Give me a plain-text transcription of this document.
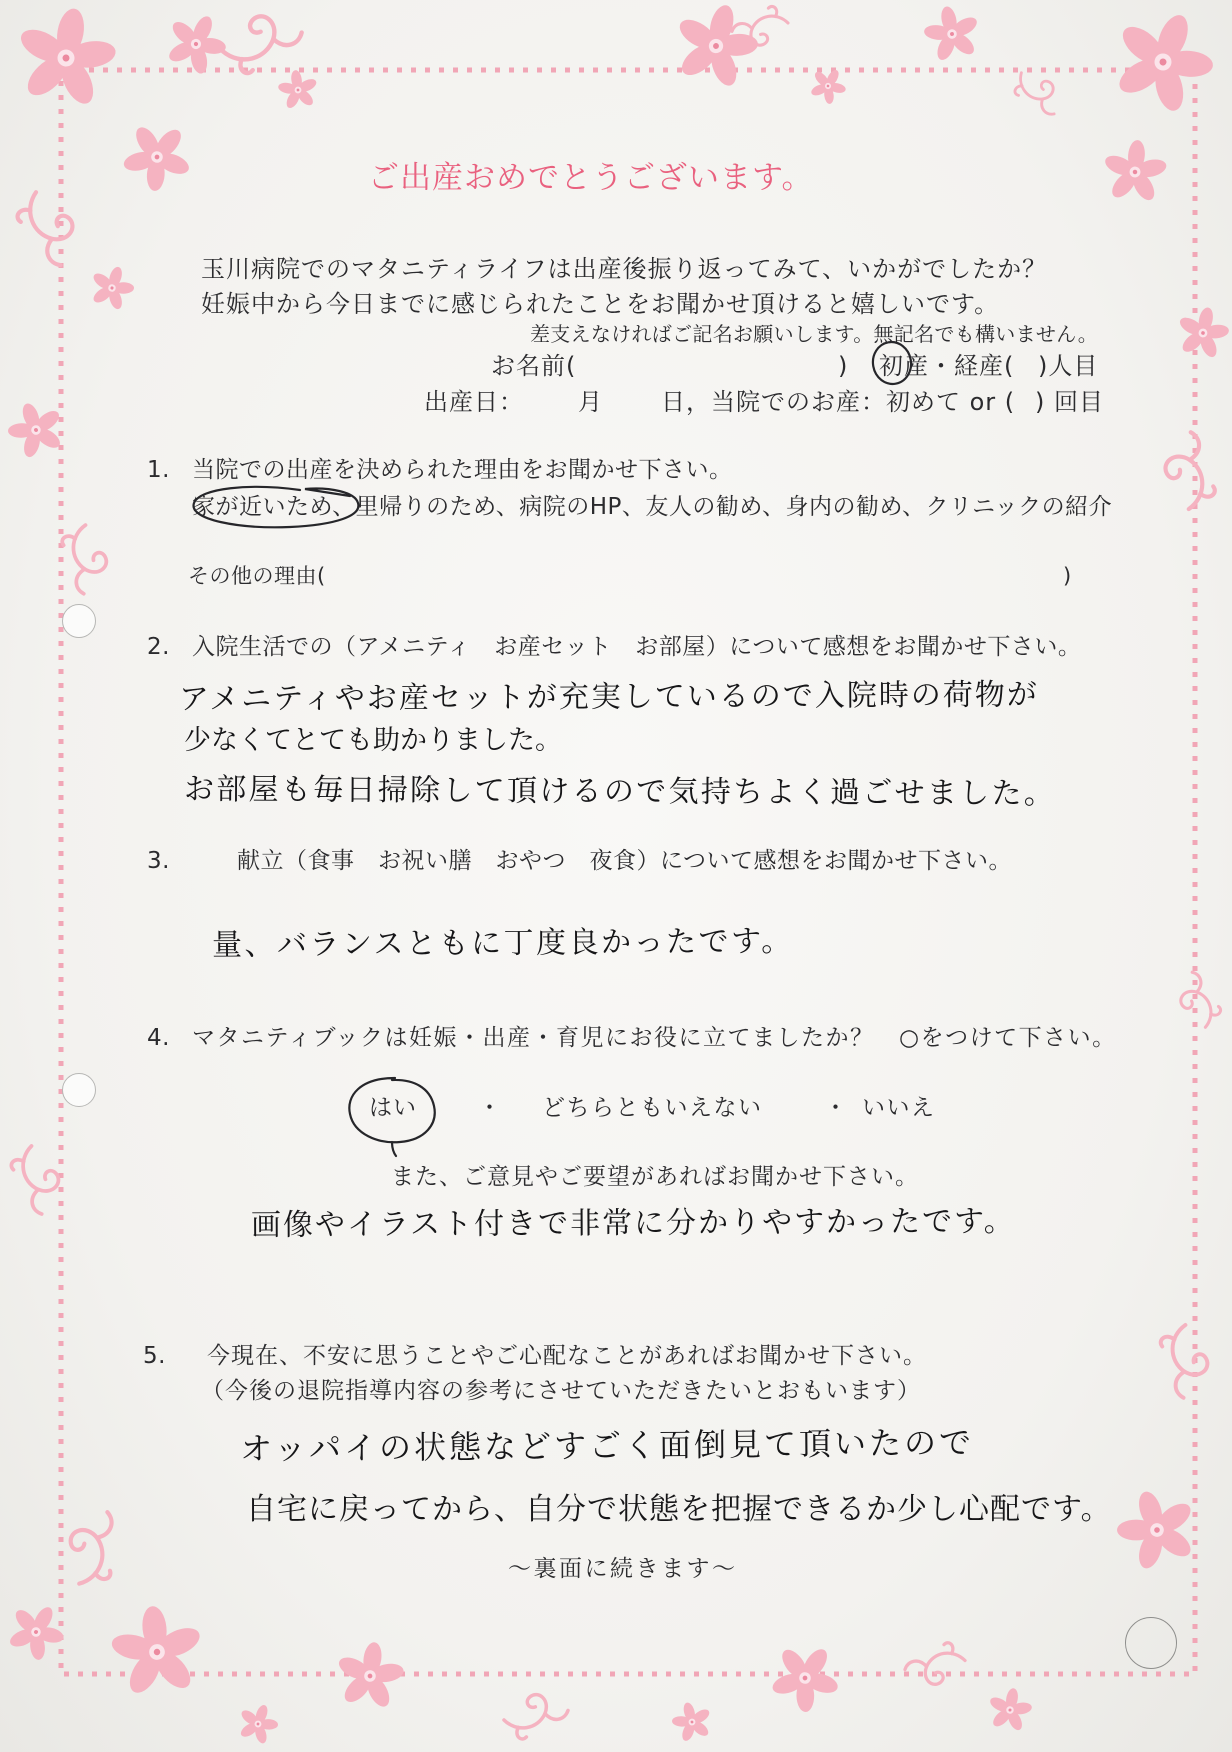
ご出産おめでとうございます。

玉川病院でのマタニティライフは出産後振り返ってみて、いかがでしたか？

妊娠中から今日までに感じられたことをお聞かせ頂けると嬉しいです。

差支えなければご記名お願いします。無記名でも構いません。

お名前(	) 初産・経産( )人目
出産日： 月 日，当院でのお産：初めて or ( ) 回目
1. 当院での出産を決められた理由をお聞かせ下さい。
家が近いため、里帰りのため、病院のHP、友人の勧め、身内の勧め、クリニックの紹介
その他の理由(	)
2. 入院生活での（アメニティ　お産セット　お部屋）について感想をお聞かせ下さい。

アメニティやお産セットが充実しているので入院時の荷物が

少なくてとても助かりました。

お部屋も毎日掃除して頂けるので気持ちよく過ごせました。

3.	献立（食事　お祝い膳　おやつ　夜食）について感想をお聞かせ下さい。

量、バランスともに丁度良かったです。

4. マタニティブックは妊娠・出産・育児にお役に立てましたか？　○をつけて下さい。
はい	・ どちらともいえない	・ いいえ
また、ご意見やご要望があればお聞かせ下さい。

画像やイラスト付きで非常に分かりやすかったです。

5. 今現在、不安に思うことやご心配なことがあればお聞かせ下さい。
（今後の退院指導内容の参考にさせていただきたいとおもいます）

オッパイの状態などすごく面倒見て頂いたので

自宅に戻ってから、自分で状態を把握できるか少し心配です。

～裏面に続きます～
